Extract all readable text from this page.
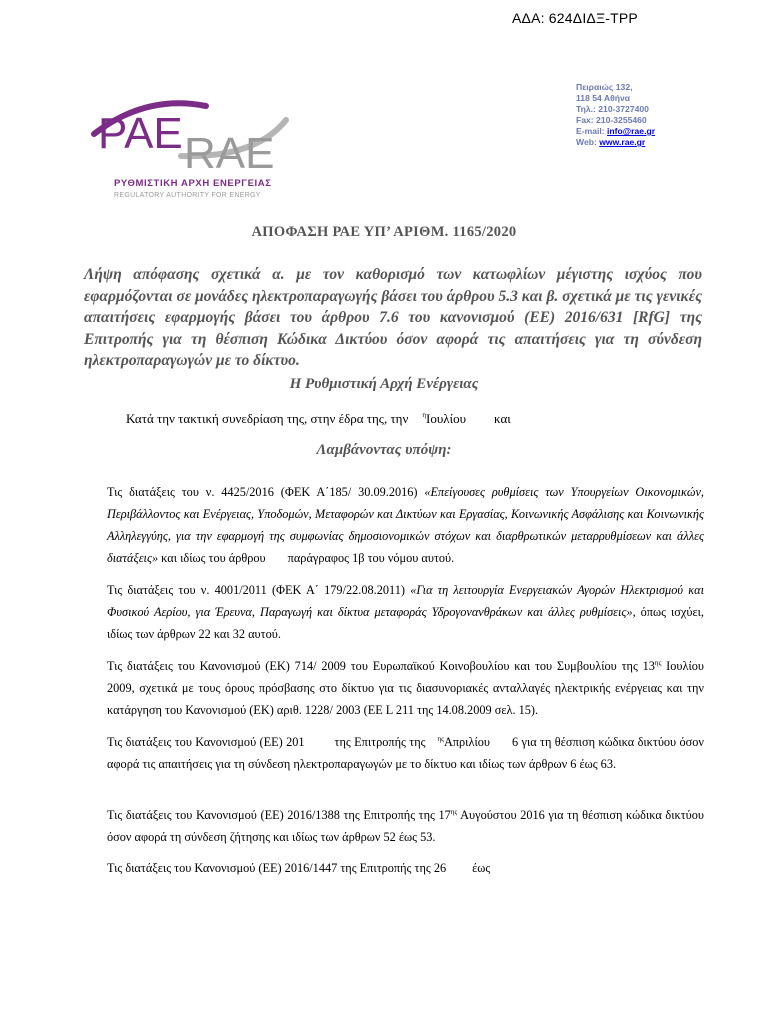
ΑΔΑ: 624ΔΙΔΞ-ΤΡΡ
PAE RAE
ΡΥΘΜΙΣΤΙΚΗ ΑΡΧΗ ΕΝΕΡΓΕΙΑΣ
REGULATORY AUTHORITY FOR ENERGY
Πειραιώς 132,
118 54 Αθήνα
Τηλ.: 210-3727400
Fax: 210-3255460
E-mail: info@rae.gr
Web: www.rae.gr
ΑΠΟΦΑΣΗ ΡΑΕ ΥΠ’ ΑΡΙΘΜ. 1165/2020
Λήψη απόφασης σχετικά α. με τον καθορισμό των κατωφλίων μέγιστης ισχύος που εφαρμόζονται σε μονάδες ηλεκτροπαραγωγής βάσει του άρθρου 5.3 και β. σχετικά με τις γενικές απαιτήσεις εφαρμογής βάσει του άρθρου 7.6 του κανονισμού (ΕΕ) 2016/631 [RfG] της Επιτροπής για τη θέσπιση Κώδικα Δικτύου όσον αφορά τις απαιτήσεις για τη σύνδεση ηλεκτροπαραγωγών με το δίκτυο.
Η Ρυθμιστική Αρχή Ενέργειας
Κατά την τακτική συνεδρίαση της, στην έδρα της, την $^\eta$Ιουλίου και
Λαμβάνοντας υπόψη:
Τις διατάξεις του ν. 4425/2016 (ΦΕΚ Α΄185/ 30.09.2016) «Επείγουσες ρυθμίσεις των Υπουργείων Οικονομικών, Περιβάλλοντος και Ενέργειας, Υποδομών, Μεταφορών και Δικτύων και Εργασίας, Κοινωνικής Ασφάλισης και Κοινωνικής Αλληλεγγύης, για την εφαρμογή της συμφωνίας δημοσιονομικών στόχων και διαρθρωτικών μεταρρυθμίσεων και άλλες διατάξεις» και ιδίως του άρθρου παράγραφος 1β του νόμου αυτού.
Τις διατάξεις του ν. 4001/2011 (ΦΕΚ Α΄ 179/22.08.2011) «Για τη λειτουργία Ενεργειακών Αγορών Ηλεκτρισμού και Φυσικού Αερίου, για Έρευνα, Παραγωγή και δίκτυα μεταφοράς Υδρογονανθράκων και άλλες ρυθμίσεις», όπως ισχύει, ιδίως των άρθρων 22 και 32 αυτού.
Τις διατάξεις του Κανονισμού (ΕΚ) 714/ 2009 του Ευρωπαϊκού Κοινοβουλίου και του Συμβουλίου της $13^{\eta\varsigma}$ Ιουλίου 2009, σχετικά με τους όρους πρόσβασης στο δίκτυο για τις διασυνοριακές ανταλλαγές ηλεκτρικής ενέργειας και την κατάργηση του Κανονισμού (ΕΚ) αριθ. 1228/ 2003 (ΕΕ L 211 της 14.08.2009 σελ. 15).
Τις διατάξεις του Κανονισμού (ΕΕ) 201 της Επιτροπής της $^{\eta\varsigma}$Απριλίου 6 για τη θέσπιση κώδικα δικτύου όσον αφορά τις απαιτήσεις για τη σύνδεση ηλεκτροπαραγωγών με το δίκτυο και ιδίως των άρθρων 6 έως 63.
Τις διατάξεις του Κανονισμού (ΕΕ) 2016/1388 της Επιτροπής της $17^{\eta\varsigma}$ Αυγούστου 2016 για τη θέσπιση κώδικα δικτύου όσον αφορά τη σύνδεση ζήτησης και ιδίως των άρθρων 52 έως 53.
Τις διατάξεις του Κανονισμού (ΕΕ) 2016/1447 της Επιτροπής της 26 έως
